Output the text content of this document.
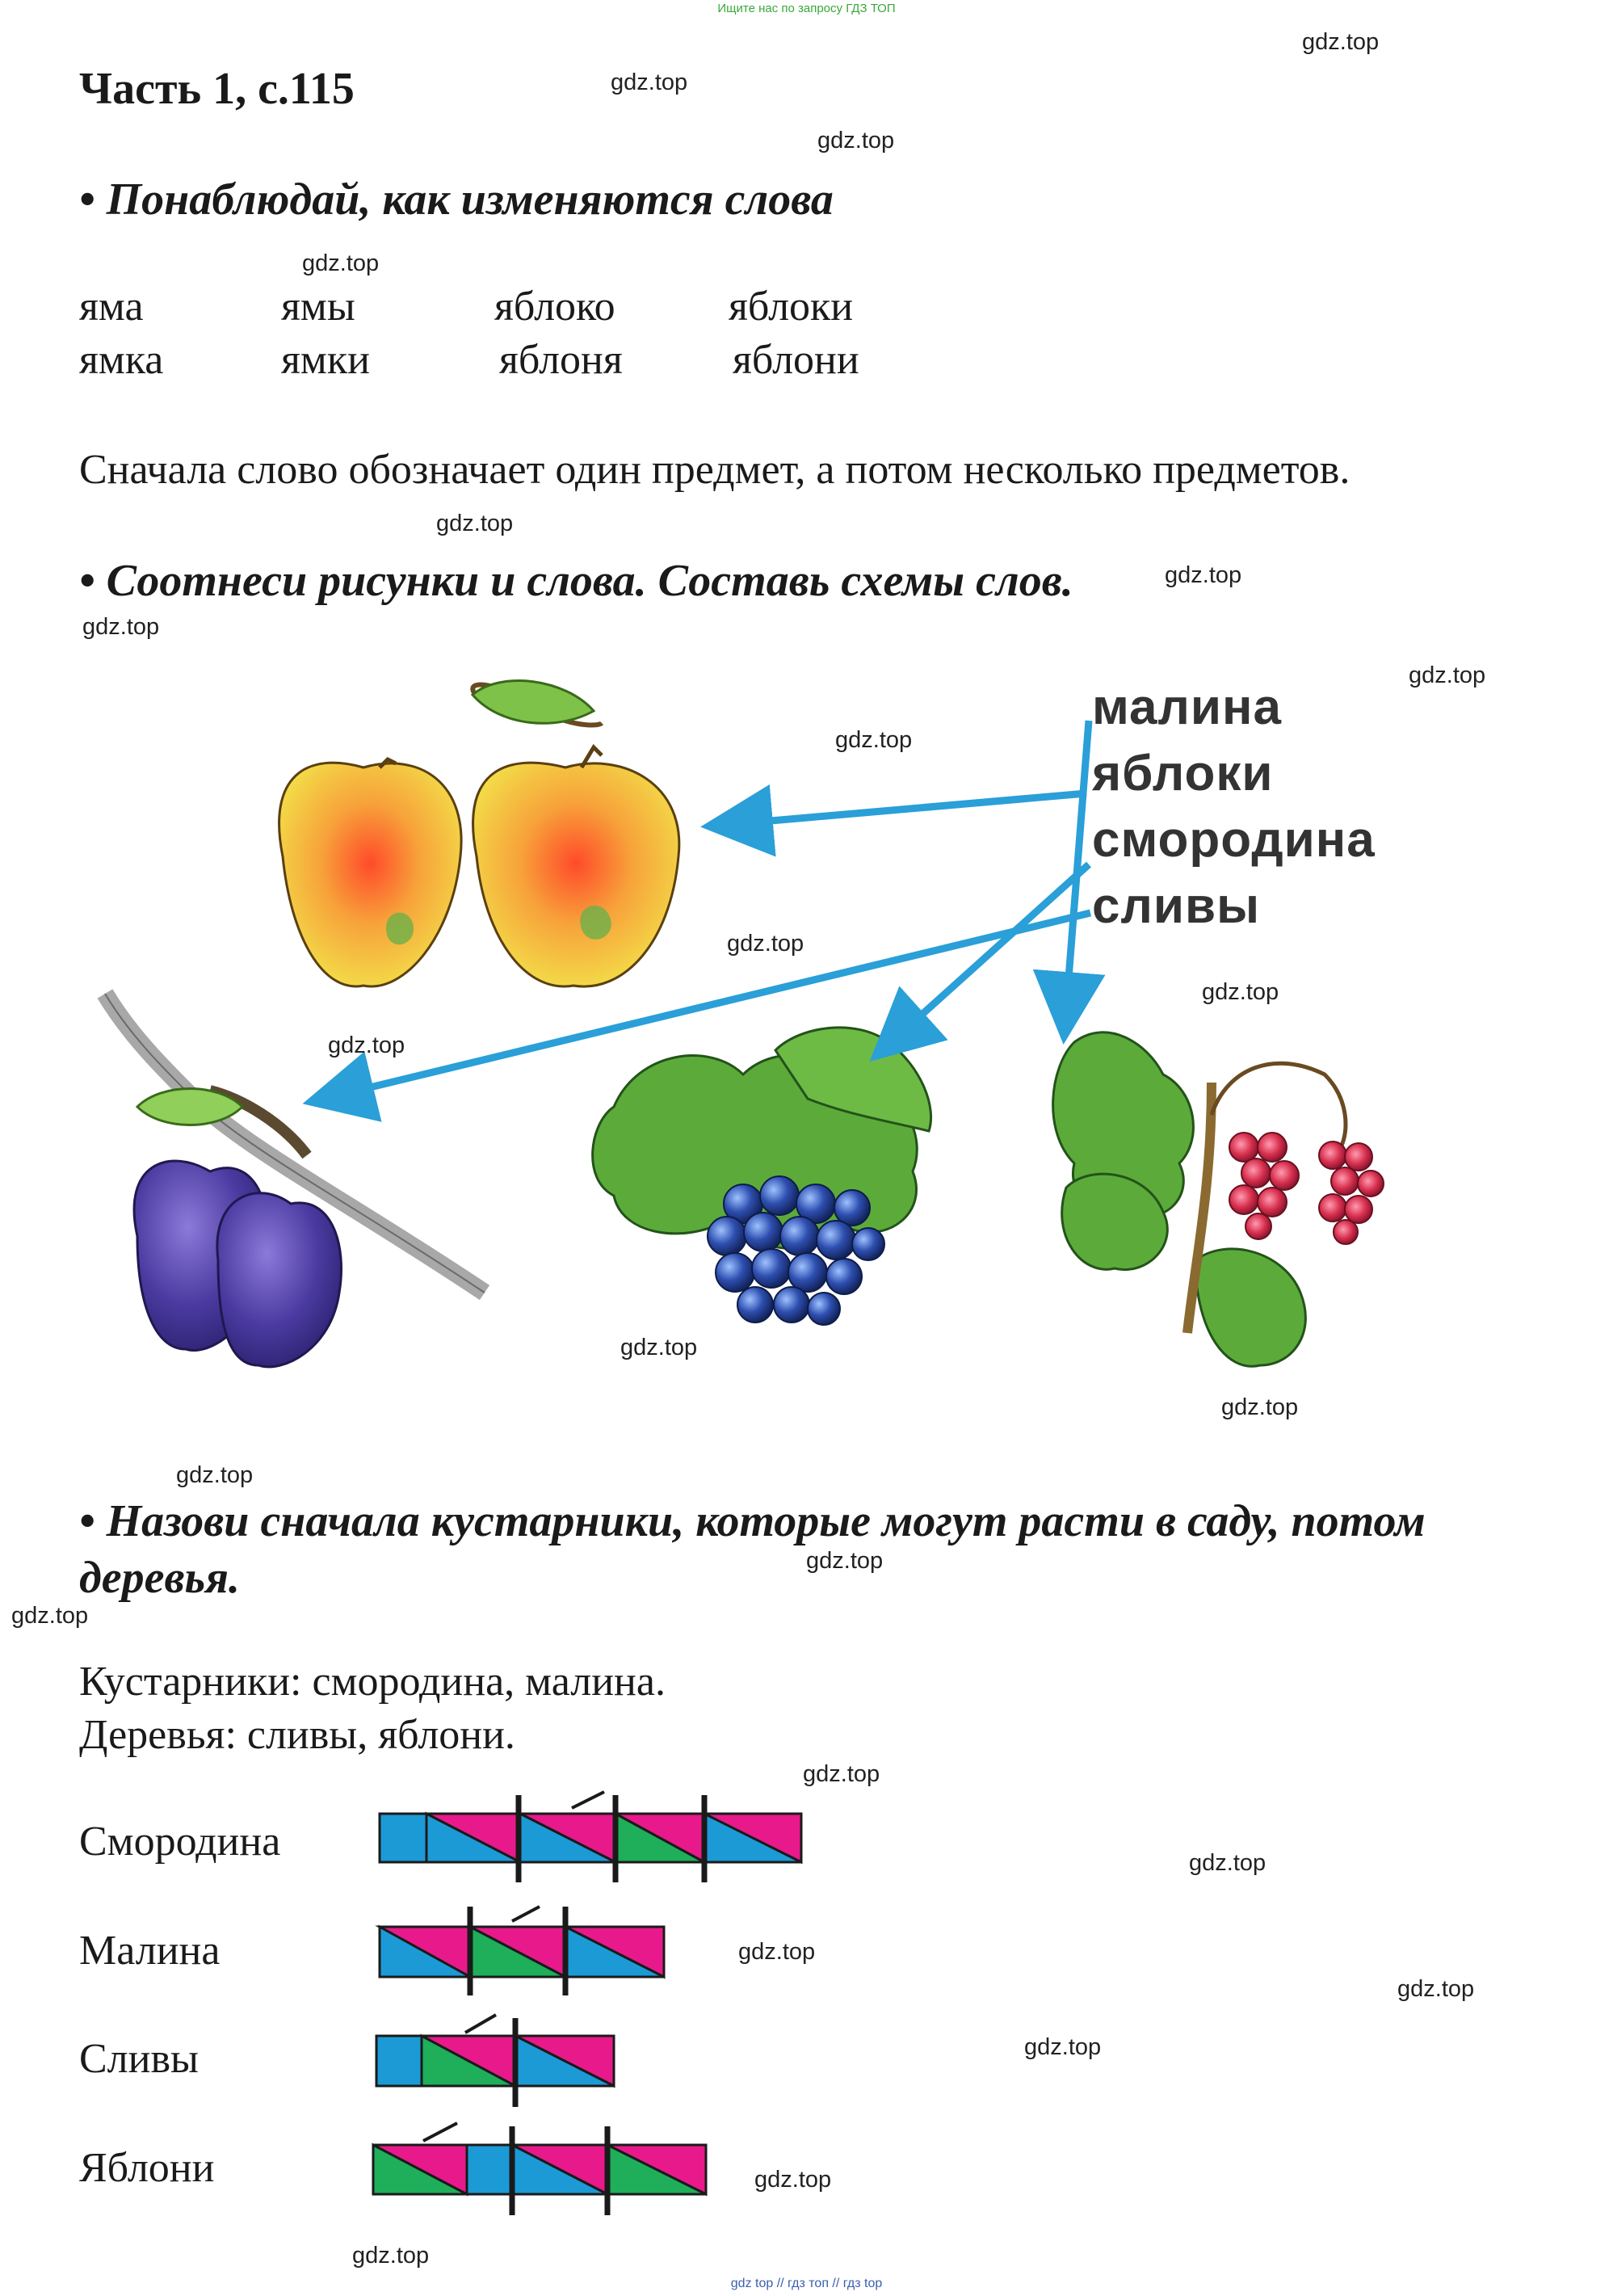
Ищите нас по запросу ГДЗ ТОП
gdz top // гдз топ // гдз top
Часть 1, с.115
• Понаблюдай, как изменяются слова
яма	ямы	яблоко	яблоки
ямка	ямки	яблоня	яблони
Сначала слово обозначает один предмет, а потом несколько предметов.
• Соотнеси рисунки и слова. Составь схемы слов.
малина
яблоки
смородина
сливы
• Назови сначала кустарники, которые могут расти в саду, потом
деревья.
Кустарники: смородина, малина.
Деревья: сливы, яблони.
Смородина
Малина
Сливы
Яблони
gdz.top
gdz.top
gdz.top
gdz.top
gdz.top
gdz.top
gdz.top
gdz.top
gdz.top
gdz.top
gdz.top
gdz.top
gdz.top
gdz.top
gdz.top
gdz.top
gdz.top
gdz.top
gdz.top
gdz.top
gdz.top
gdz.top
gdz.top
gdz.top
